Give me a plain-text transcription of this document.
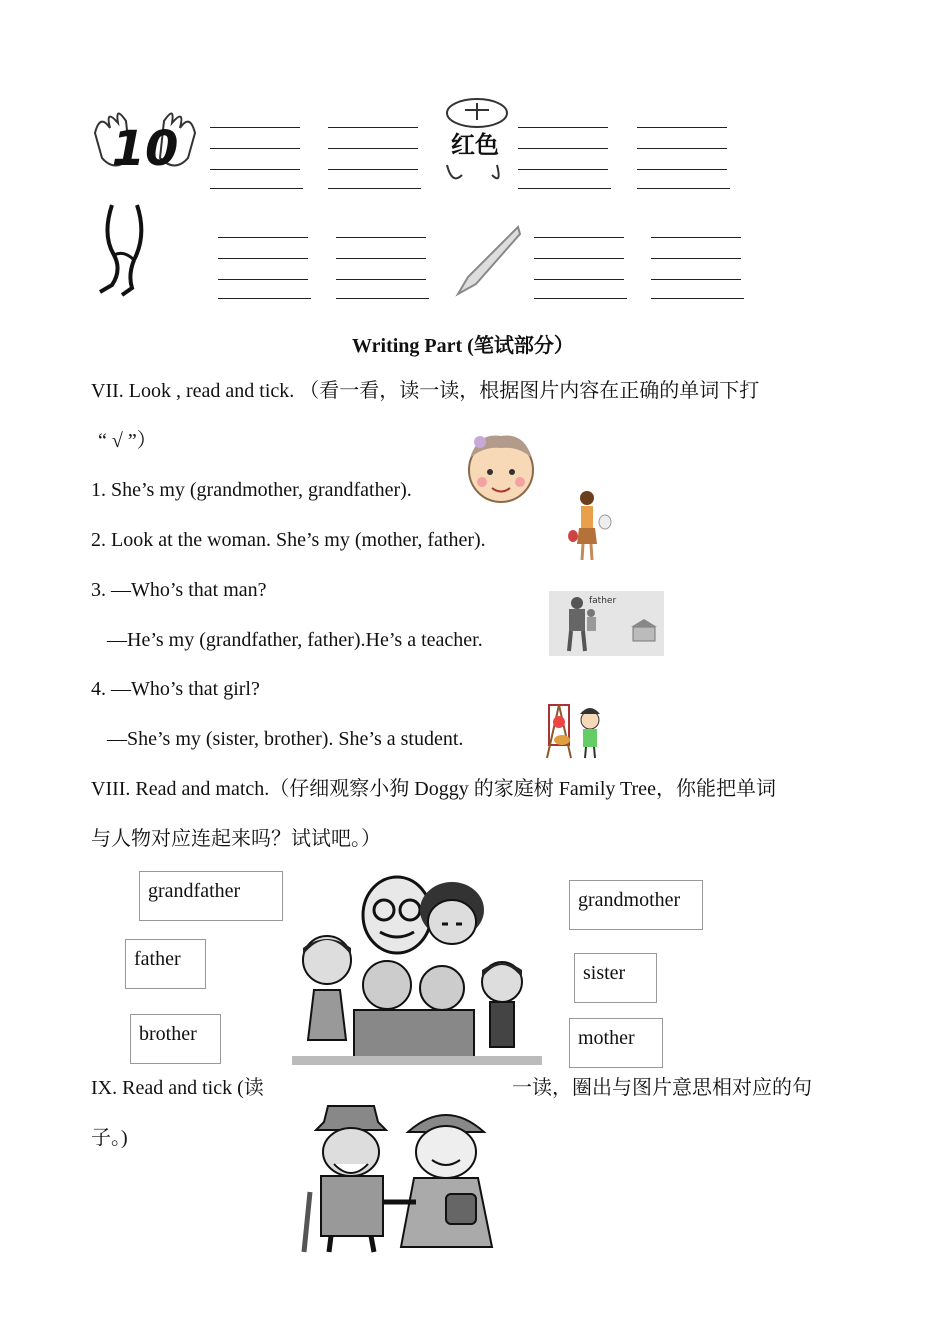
10	红色
Writing Part (笔试部分）
VII. Look , read and tick. （看一看，读一读，根据图片内容在正确的单词下打
“ √ ”）
1. She’s my (grandmother, grandfather).
2. Look at the woman. She’s my (mother, father).
3. —Who’s that man?	father
—He’s my (grandfather, father).He’s a teacher.
4. —Who’s that girl?
—She’s my (sister, brother). She’s a student.
VIII. Read and match.（仔细观察小狗 Doggy 的家庭树 Family Tree，你能把单词
与人物对应连起来吗？试试吧。）
grandfather
father
brother
grandmother
sister
mother
IX. Read and tick (读	一读，圈出与图片意思相对应的句
子。)
